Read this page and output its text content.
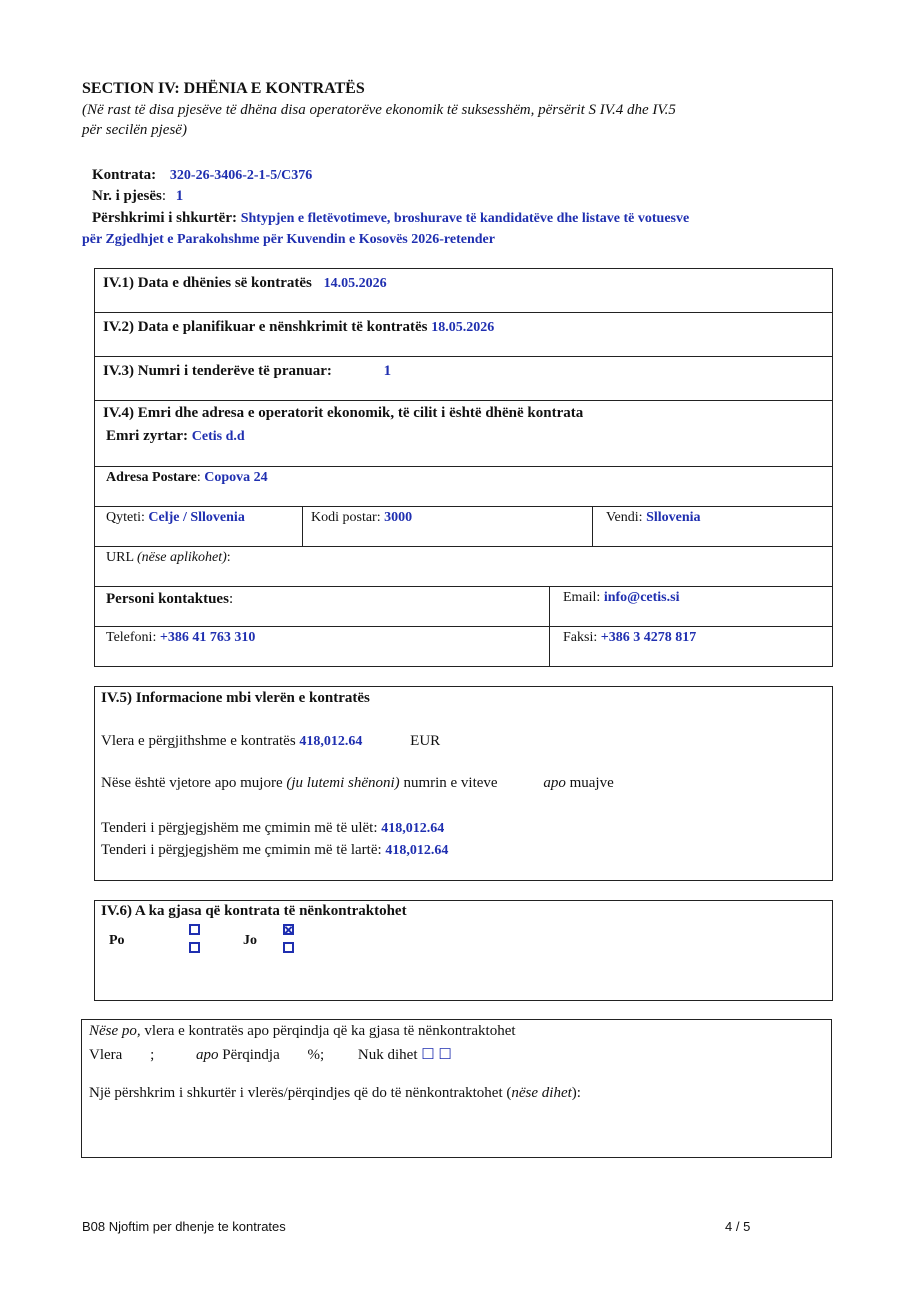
SECTION IV: DHËNIA E KONTRATËS
(Në rast të disa pjesëve të dhëna disa operatorëve ekonomik të suksesshëm, përsërit S IV.4 dhe IV.5
për secilën pjesë)
Kontrata: 320-26-3406-2-1-5/C376
Nr. i pjesës: 1
Përshkrimi i shkurtër: Shtypjen e fletëvotimeve, broshurave të kandidatëve dhe listave të votuesve
për Zgjedhjet e Parakohshme për Kuvendin e Kosovës 2026-retender
IV.1) Data e dhënies së kontratës 14.05.2026
IV.2) Data e planifikuar e nënshkrimit të kontratës 18.05.2026
IV.3) Numri i tenderëve të pranuar:	1
IV.4) Emri dhe adresa e operatorit ekonomik, të cilit i është dhënë kontrata
Emri zyrtar: Cetis d.d
Adresa Postare: Copova 24
Qyteti: Celje / Sllovenia	Kodi postar: 3000	Vendi: Sllovenia
URL (nëse aplikohet):
Personi kontaktues:	Email: info@cetis.si
Telefoni: +386 41 763 310	Faksi: +386 3 4278 817
IV.5) Informacione mbi vlerën e kontratës
Vlera e përgjithshme e kontratës 418,012.64	EUR
Nëse është vjetore apo mujore (ju lutemi shënoni) numrin e viteve	apo muajve
Tenderi i përgjegjshëm me çmimin më të ulët: 418,012.64
Tenderi i përgjegjshëm me çmimin më të lartë: 418,012.64
IV.6) A ka gjasa që kontrata të nënkontraktohet
Po	Jo
Nëse po, vlera e kontratës apo përqindja që ka gjasa të nënkontraktohet
Vlera ;	apo Përqindja %; Nuk dihet ☐ ☐
Një përshkrim i shkurtër i vlerës/përqindjes që do të nënkontraktohet (nëse dihet):
B08 Njoftim per dhenje te kontrates	4 / 5
